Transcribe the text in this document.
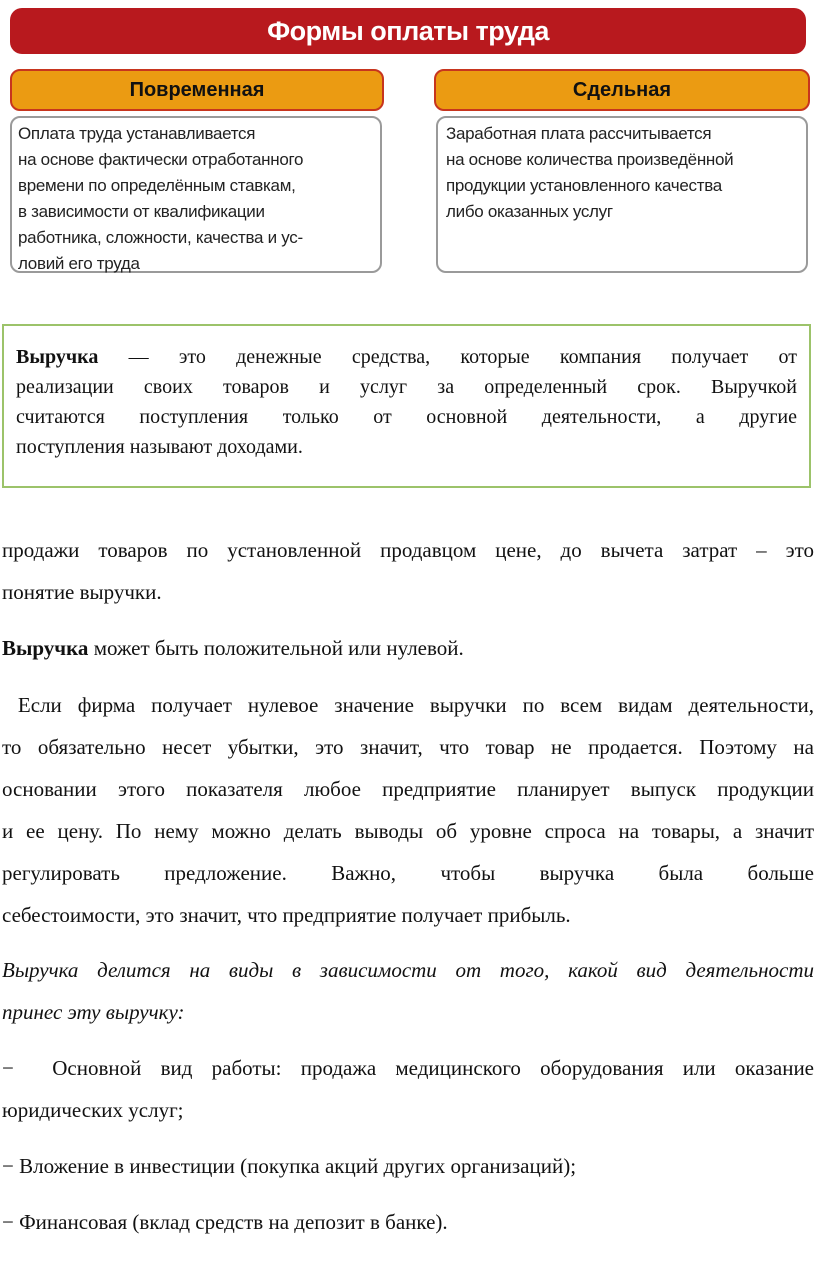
Формы оплаты труда
Повременная	Сдельная
Оплата труда устанавливается
на основе фактически отработанного
времени по определённым ставкам,
в зависимости от квалификации
работника, сложности, качества и ус-
ловий его труда
Заработная плата рассчитывается
на основе количества произведённой
продукции установленного качества
либо оказанных услуг
Выручка — это денежные средства, которые компания получает от
реализации своих товаров и услуг за определенный срок. Выручкой
считаются поступления только от основной деятельности, а другие
поступления называют доходами.
продажи товаров по установленной продавцом цене, до вычета затрат – это
понятие выручки.
Выручка может быть положительной или нулевой.
Если фирма получает нулевое значение выручки по всем видам деятельности,
то обязательно несет убытки, это значит, что товар не продается. Поэтому на
основании этого показателя любое предприятие планирует выпуск продукции
и ее цену. По нему можно делать выводы об уровне спроса на товары, а значит
регулировать предложение. Важно, чтобы выручка была больше
себестоимости, это значит, что предприятие получает прибыль.
Выручка делится на виды в зависимости от того, какой вид деятельности
принес эту выручку:
−  Основной вид работы: продажа медицинского оборудования или оказание
юридических услуг;
− Вложение в инвестиции (покупка акций других организаций);
− Финансовая (вклад средств на депозит в банке).
